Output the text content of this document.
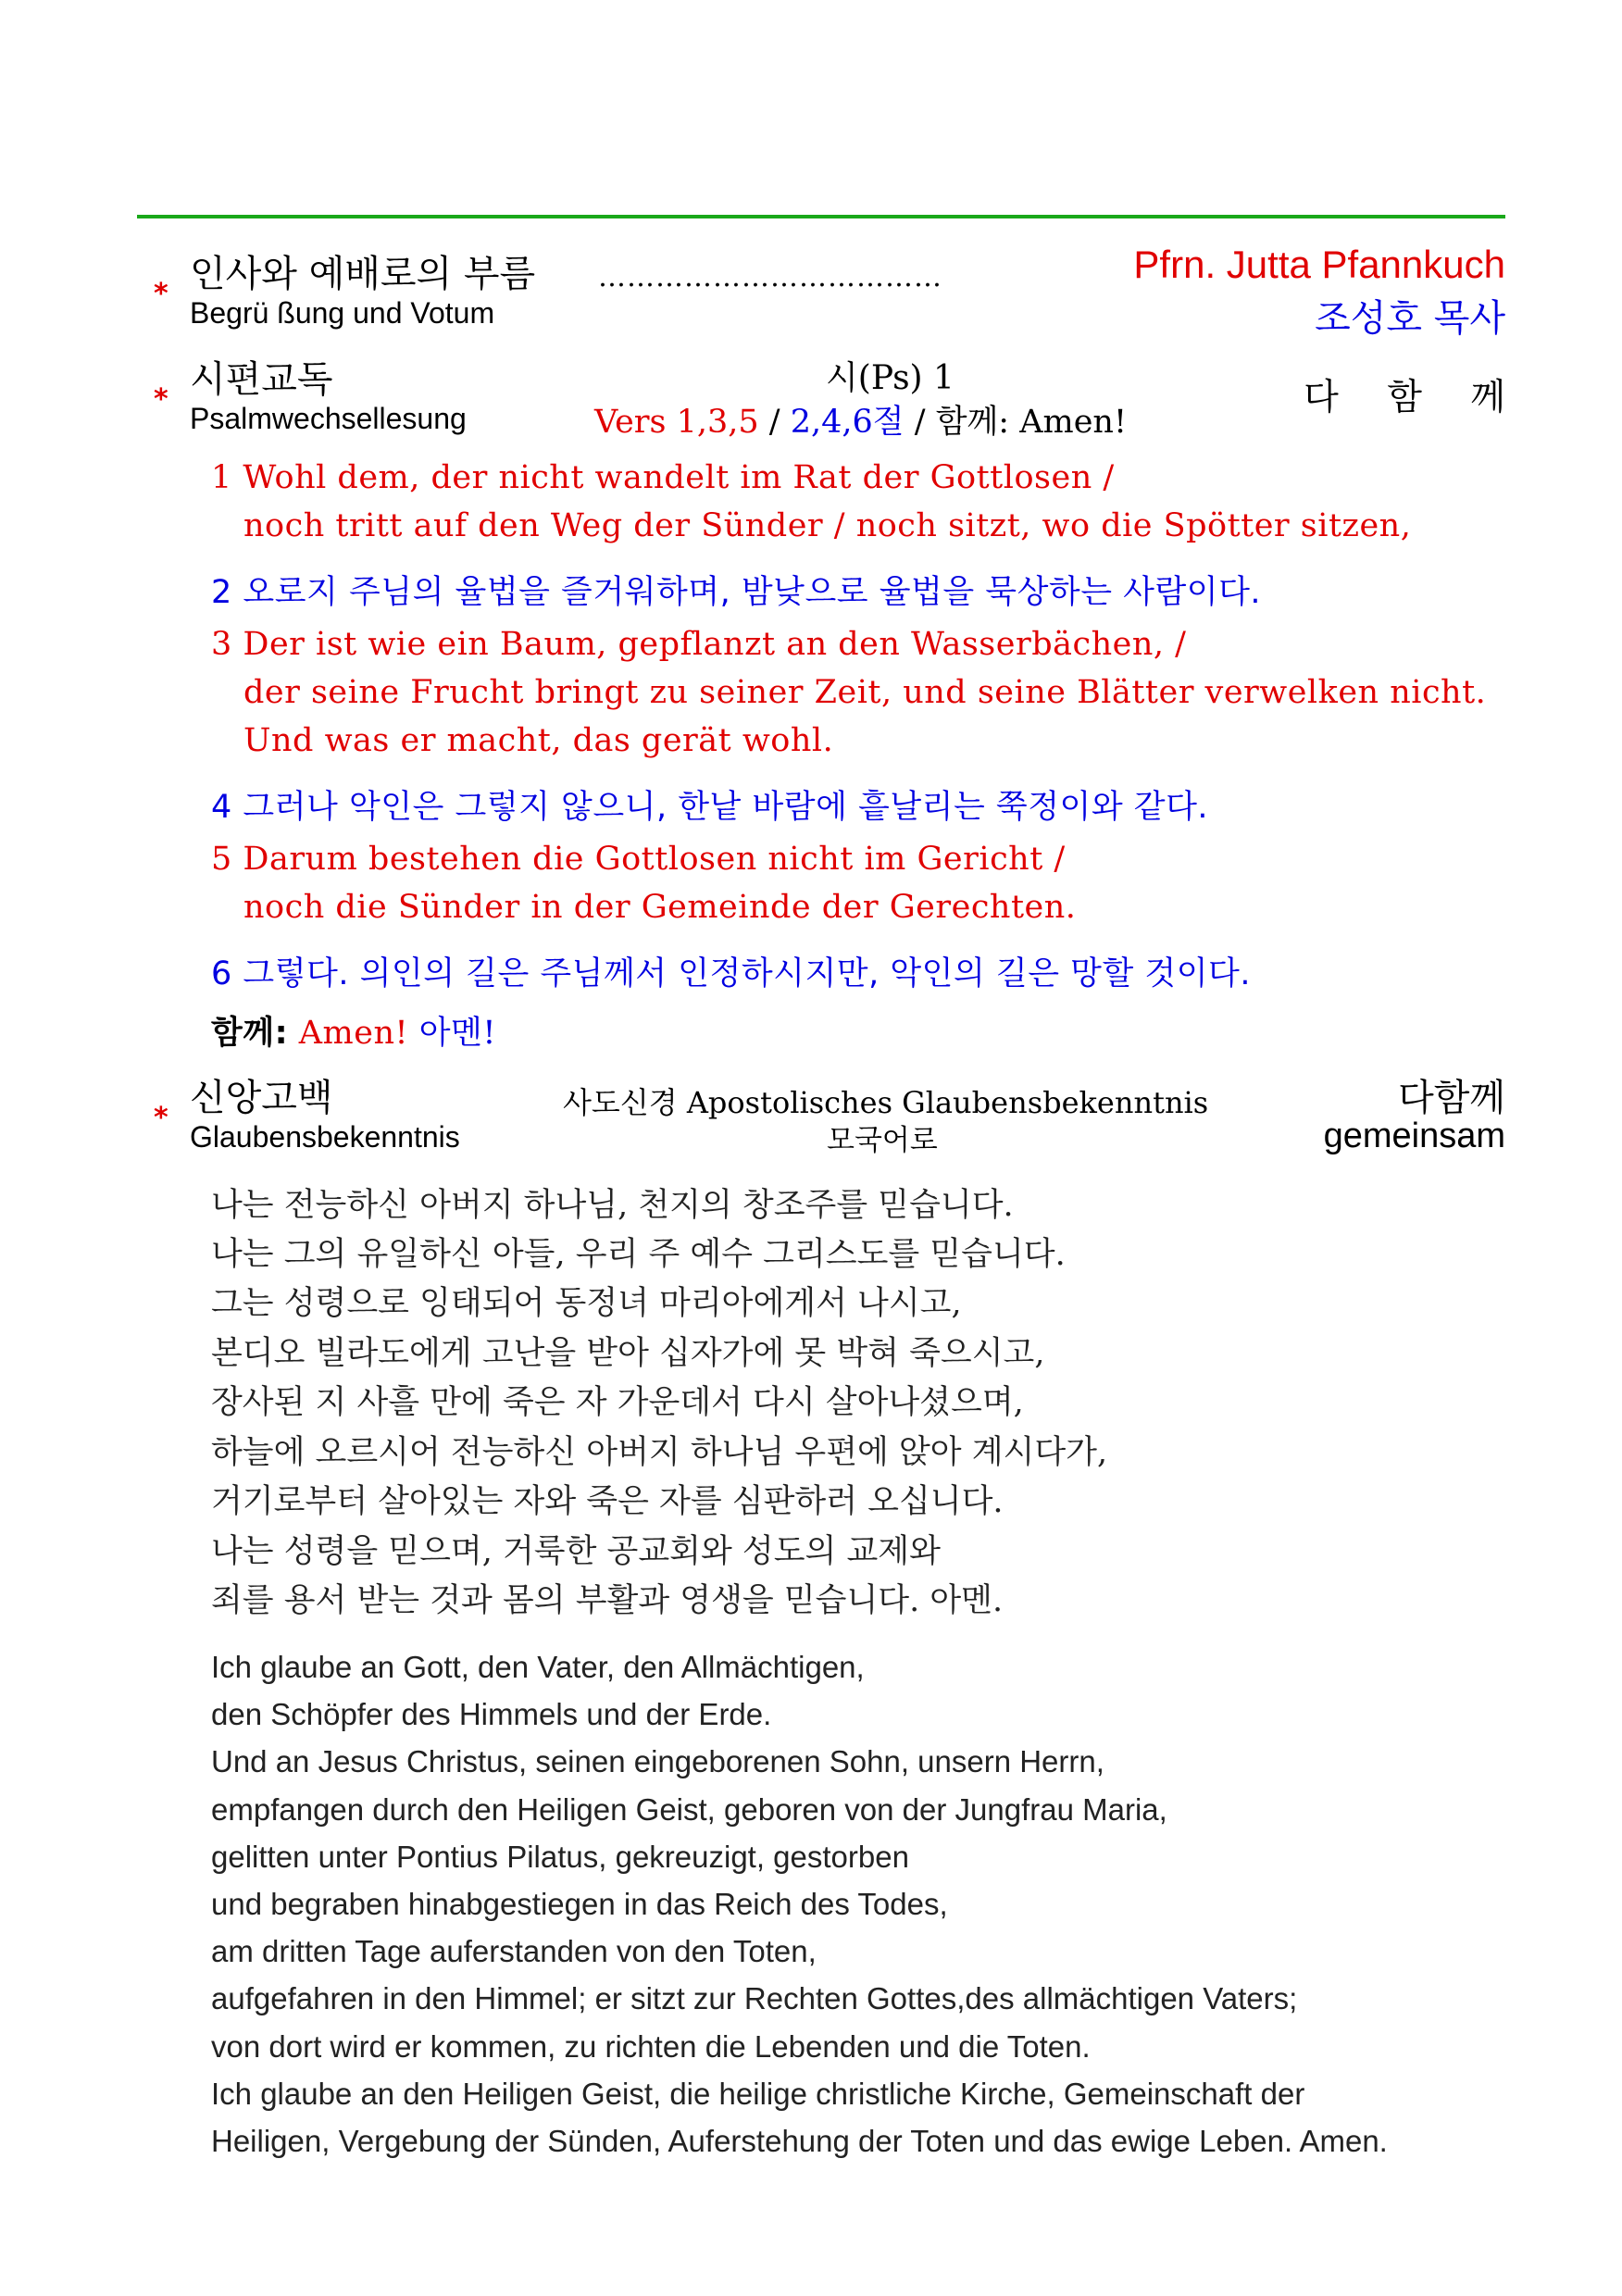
* 인사와 예배로의 부름
Begrü ßung und Votum
………………………………	Pfrn. Jutta Pfannkuch
조성호 목사
* 시편교독
Psalmwechsellesung
시(Ps) 1
Vers 1,3,5 / 2,4,6절 / 함께: Amen!
다 함 께
1 Wohl dem, der nicht wandelt im Rat der Gottlosen /
noch tritt auf den Weg der Sünder / noch sitzt, wo die Spötter sitzen,
2 오로지 주님의 율법을 즐거워하며, 밤낮으로 율법을 묵상하는 사람이다.
3 Der ist wie ein Baum, gepflanzt an den Wasserbächen, /
der seine Frucht bringt zu seiner Zeit, und seine Blätter verwelken nicht.
Und was er macht, das gerät wohl.
4 그러나 악인은 그렇지 않으니, 한낱 바람에 흩날리는 쭉정이와 같다.
5 Darum bestehen die Gottlosen nicht im Gericht /
noch die Sünder in der Gemeinde der Gerechten.
6 그렇다. 의인의 길은 주님께서 인정하시지만, 악인의 길은 망할 것이다.
함께: Amen! 아멘!
* 신앙고백
Glaubensbekenntnis
사도신경 Apostolisches Glaubensbekenntnis
모국어로
다함께
gemeinsam
나는 전능하신 아버지 하나님, 천지의 창조주를 믿습니다.
나는 그의 유일하신 아들, 우리 주 예수 그리스도를 믿습니다.
그는 성령으로 잉태되어 동정녀 마리아에게서 나시고,
본디오 빌라도에게 고난을 받아 십자가에 못 박혀 죽으시고,
장사된 지 사흘 만에 죽은 자 가운데서 다시 살아나셨으며,
하늘에 오르시어 전능하신 아버지 하나님 우편에 앉아 계시다가,
거기로부터 살아있는 자와 죽은 자를 심판하러 오십니다.
나는 성령을 믿으며, 거룩한 공교회와 성도의 교제와
죄를 용서 받는 것과 몸의 부활과 영생을 믿습니다. 아멘.
Ich glaube an Gott, den Vater, den Allmächtigen,
den Schöpfer des Himmels und der Erde.
Und an Jesus Christus, seinen eingeborenen Sohn, unsern Herrn,
empfangen durch den Heiligen Geist, geboren von der Jungfrau Maria,
gelitten unter Pontius Pilatus, gekreuzigt, gestorben
und begraben hinabgestiegen in das Reich des Todes,
am dritten Tage auferstanden von den Toten,
aufgefahren in den Himmel; er sitzt zur Rechten Gottes,des allmächtigen Vaters;
von dort wird er kommen, zu richten die Lebenden und die Toten.
Ich glaube an den Heiligen Geist, die heilige christliche Kirche, Gemeinschaft der
Heiligen, Vergebung der Sünden, Auferstehung der Toten und das ewige Leben. Amen.
